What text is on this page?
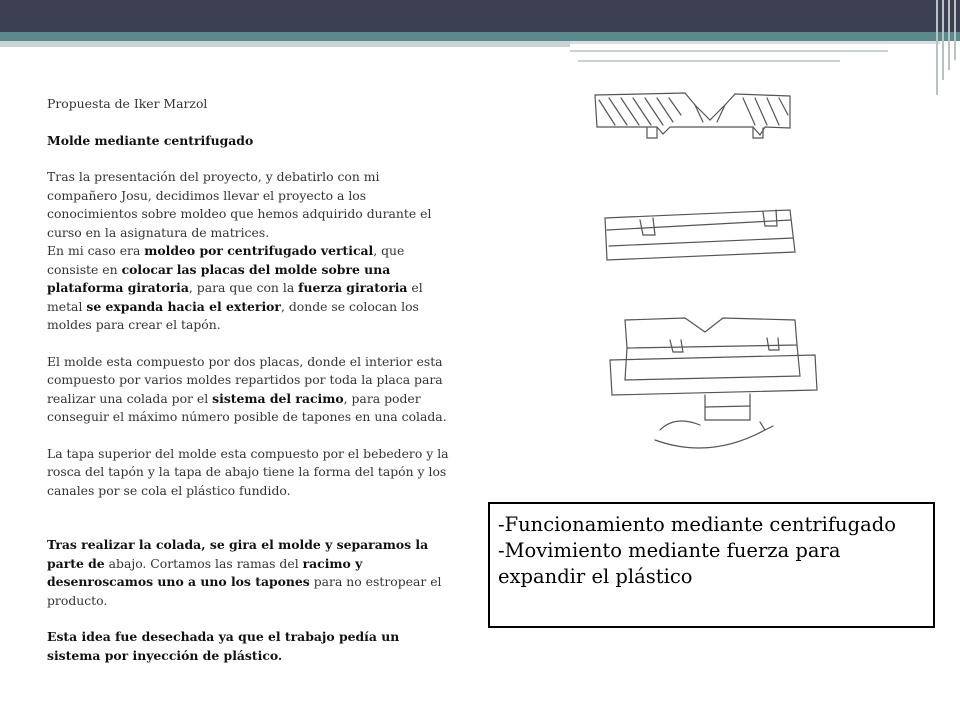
Propuesta de Iker Marzol

Molde mediante centrifugado

Tras la presentación del proyecto, y debatirlo con mi compañero Josu, decidimos llevar el proyecto a los conocimientos sobre moldeo que hemos adquirido durante el curso en la asignatura de matrices.

En mi caso era moldeo por centrifugado vertical, que consiste en colocar las placas del molde sobre una plataforma giratoria, para que con la fuerza giratoria el metal se expanda hacia el exterior, donde se colocan los moldes para crear el tapón.

El molde esta compuesto por dos placas, donde el interior esta compuesto por varios moldes repartidos por toda la placa para realizar una colada por el sistema del racimo, para poder conseguir el máximo número posible de tapones en una colada.

La tapa superior del molde esta compuesto por el bebedero y la rosca del tapón y la tapa de abajo tiene la forma del tapón y los canales por se cola el plástico fundido.

Tras realizar la colada, se gira el molde y separamos la parte de abajo. Cortamos las ramas del racimo y desenroscamos uno a uno los tapones para no estropear el producto.

Esta idea fue desechada ya que el trabajo pedía un sistema por inyección de plástico.

-Funcionamiento mediante centrifugado
-Movimiento mediante fuerza para
expandir el plástico
